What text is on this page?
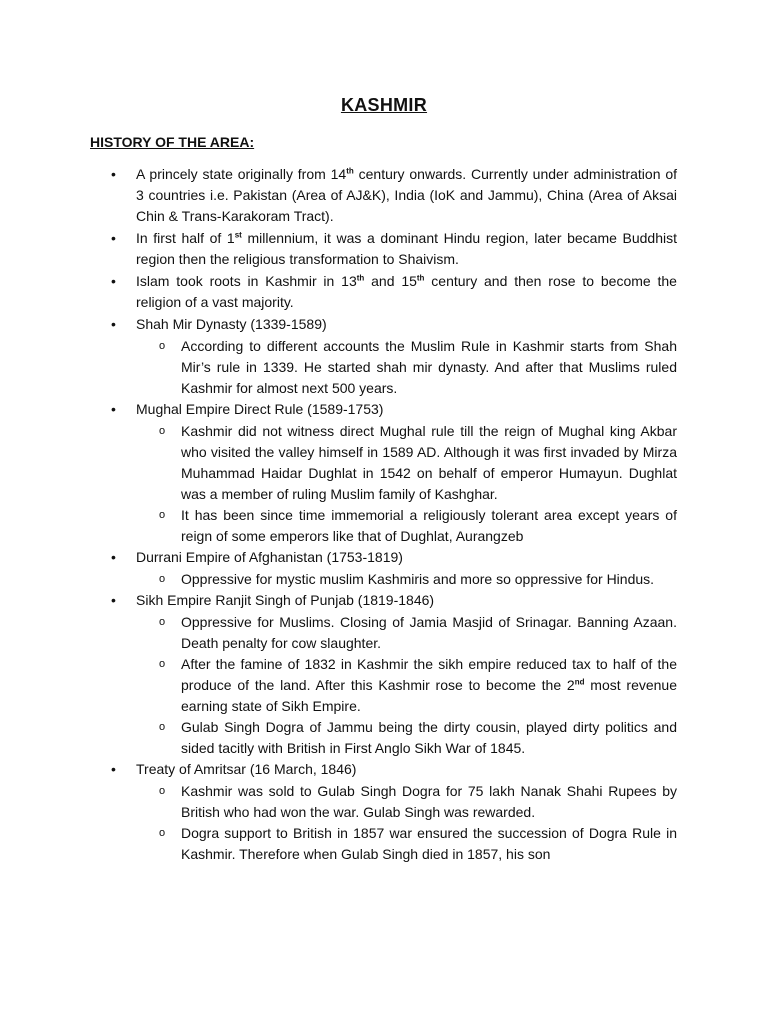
KASHMIR
HISTORY OF THE AREA:
• A princely state originally from 14th century onwards. Currently under administration of 3 countries i.e. Pakistan (Area of AJ&K), India (IoK and Jammu), China (Area of Aksai Chin & Trans-Karakoram Tract).
• In first half of 1st millennium, it was a dominant Hindu region, later became Buddhist region then the religious transformation to Shaivism.
• Islam took roots in Kashmir in 13th and 15th century and then rose to become the religion of a vast majority.
• Shah Mir Dynasty (1339-1589)
o According to different accounts the Muslim Rule in Kashmir starts from Shah Mir’s rule in 1339. He started shah mir dynasty. And after that Muslims ruled Kashmir for almost next 500 years.
• Mughal Empire Direct Rule (1589-1753)
o Kashmir did not witness direct Mughal rule till the reign of Mughal king Akbar who visited the valley himself in 1589 AD. Although it was first invaded by Mirza Muhammad Haidar Dughlat in 1542 on behalf of emperor Humayun. Dughlat was a member of ruling Muslim family of Kashghar.
o It has been since time immemorial a religiously tolerant area except years of reign of some emperors like that of Dughlat, Aurangzeb
• Durrani Empire of Afghanistan (1753-1819)
o Oppressive for mystic muslim Kashmiris and more so oppressive for Hindus.
• Sikh Empire Ranjit Singh of Punjab (1819-1846)
o Oppressive for Muslims. Closing of Jamia Masjid of Srinagar. Banning Azaan. Death penalty for cow slaughter.
o After the famine of 1832 in Kashmir the sikh empire reduced tax to half of the produce of the land. After this Kashmir rose to become the 2nd most revenue earning state of Sikh Empire.
o Gulab Singh Dogra of Jammu being the dirty cousin, played dirty politics and sided tacitly with British in First Anglo Sikh War of 1845.
• Treaty of Amritsar (16 March, 1846)
o Kashmir was sold to Gulab Singh Dogra for 75 lakh Nanak Shahi Rupees by British who had won the war. Gulab Singh was rewarded.
o Dogra support to British in 1857 war ensured the succession of Dogra Rule in Kashmir. Therefore when Gulab Singh died in 1857, his son
